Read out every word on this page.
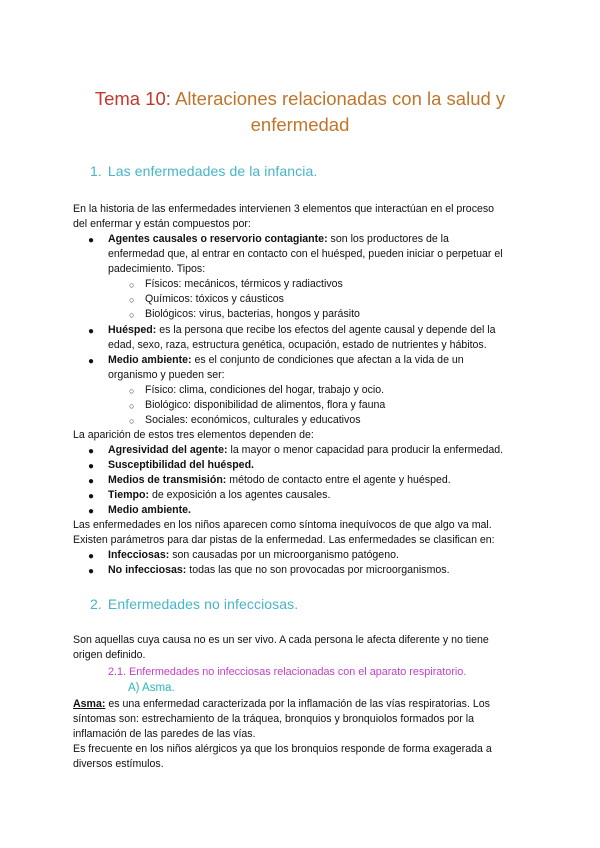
Tema 10: Alteraciones relacionadas con la salud y
enfermedad
1. Las enfermedades de la infancia.

En la historia de las enfermedades intervienen 3 elementos que interactúan en el proceso

del enfermar y están compuestos por:

●	Agentes causales o reservorio contagiante: son los productores de la

enfermedad que, al entrar en contacto con el huésped, pueden iniciar o perpetuar el

padecimiento. Tipos:

○ Físicos: mecánicos, térmicos y radiactivos

○ Químicos: tóxicos y cáusticos

○ Biológicos: virus, bacterias, hongos y parásito

●	Huésped: es la persona que recibe los efectos del agente causal y depende del la

edad, sexo, raza, estructura genética, ocupación, estado de nutrientes y hábitos.

●	Medio ambiente: es el conjunto de condiciones que afectan a la vida de un

organismo y pueden ser:

○ Físico: clima, condiciones del hogar, trabajo y ocio.

○ Biológico: disponibilidad de alimentos, flora y fauna

○ Sociales: económicos, culturales y educativos

La aparición de estos tres elementos dependen de:

●	Agresividad del agente: la mayor o menor capacidad para producir la enfermedad.

●	Susceptibilidad del huésped.

●	Medios de transmisión: método de contacto entre el agente y huésped.

●	Tiempo: de exposición a los agentes causales.

●	Medio ambiente.

Las enfermedades en los niños aparecen como síntoma inequívocos de que algo va mal.

Existen parámetros para dar pistas de la enfermedad. Las enfermedades se clasifican en:

●	Infecciosas: son causadas por un microorganismo patógeno.

●	No infecciosas: todas las que no son provocadas por microorganismos.

2. Enfermedades no infecciosas.

Son aquellas cuya causa no es un ser vivo. A cada persona le afecta diferente y no tiene

origen definido.

2.1. Enfermedades no infecciosas relacionadas con el aparato respiratorio.

A) Asma.

Asma: es una enfermedad caracterizada por la inflamación de las vías respiratorias. Los

síntomas son: estrechamiento de la tráquea, bronquios y bronquiolos formados por la

inflamación de las paredes de las vías.

Es frecuente en los niños alérgicos ya que los bronquios responde de forma exagerada a

diversos estímulos.
